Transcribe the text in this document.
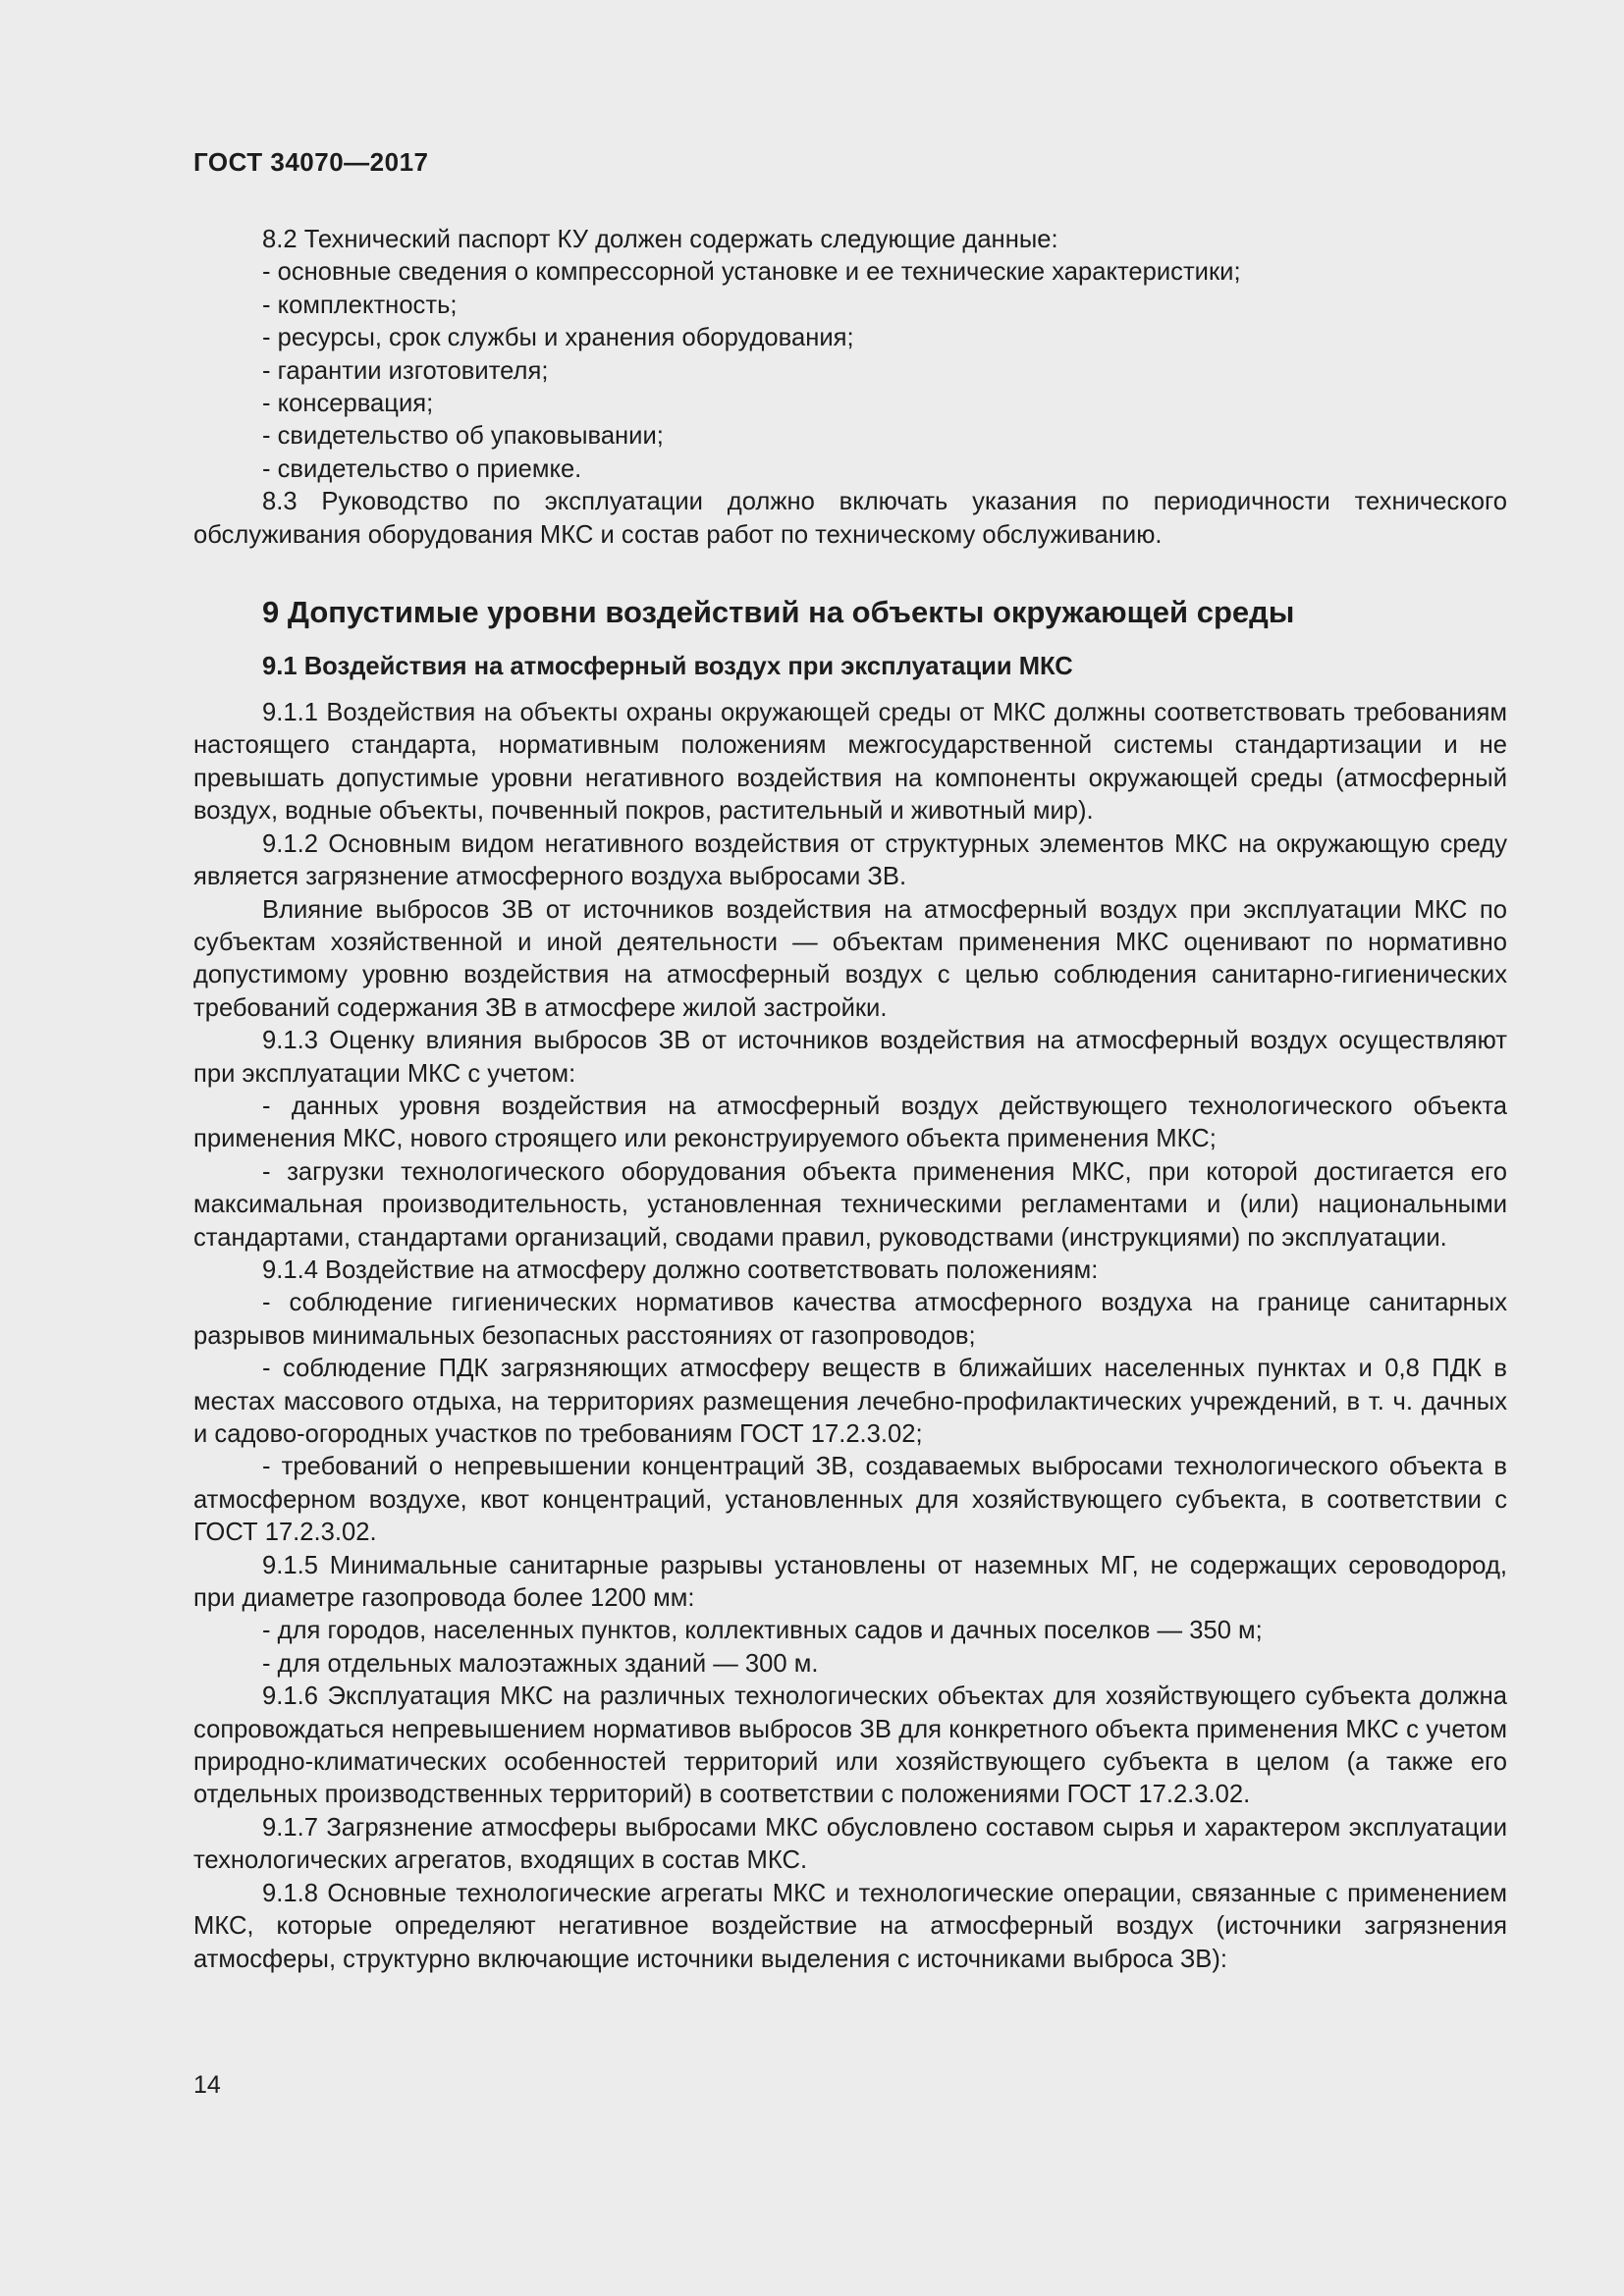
ГОСТ 34070—2017

8.2 Технический паспорт КУ должен содержать следующие данные:

- основные сведения о компрессорной установке и ее технические характеристики;

- комплектность;

- ресурсы, срок службы и хранения оборудования;

- гарантии изготовителя;

- консервация;

- свидетельство об упаковывании;

- свидетельство о приемке.

8.3 Руководство по эксплуатации должно включать указания по периодичности технического обслуживания оборудования МКС и состав работ по техническому обслуживанию.

9 Допустимые уровни воздействий на объекты окружающей среды
9.1 Воздействия на атмосферный воздух при эксплуатации МКС

9.1.1 Воздействия на объекты охраны окружающей среды от МКС должны соответствовать требованиям настоящего стандарта, нормативным положениям межгосударственной системы стандартизации и не превышать допустимые уровни негативного воздействия на компоненты окружающей среды (атмосферный воздух, водные объекты, почвенный покров, растительный и животный мир).

9.1.2 Основным видом негативного воздействия от структурных элементов МКС на окружающую среду является загрязнение атмосферного воздуха выбросами ЗВ.

Влияние выбросов ЗВ от источников воздействия на атмосферный воздух при эксплуатации МКС по субъектам хозяйственной и иной деятельности — объектам применения МКС оценивают по нормативно допустимому уровню воздействия на атмосферный воздух с целью соблюдения санитарно-гигиенических требований содержания ЗВ в атмосфере жилой застройки.

9.1.3 Оценку влияния выбросов ЗВ от источников воздействия на атмосферный воздух осуществляют при эксплуатации МКС с учетом:

- данных уровня воздействия на атмосферный воздух действующего технологического объекта применения МКС, нового строящего или реконструируемого объекта применения МКС;

- загрузки технологического оборудования объекта применения МКС, при которой достигается его максимальная производительность, установленная техническими регламентами и (или) национальными стандартами, стандартами организаций, сводами правил, руководствами (инструкциями) по эксплуатации.

9.1.4 Воздействие на атмосферу должно соответствовать положениям:

- соблюдение гигиенических нормативов качества атмосферного воздуха на границе санитарных разрывов минимальных безопасных расстояниях от газопроводов;

- соблюдение ПДК загрязняющих атмосферу веществ в ближайших населенных пунктах и 0,8 ПДК в местах массового отдыха, на территориях размещения лечебно-профилактических учреждений, в т. ч. дачных и садово-огородных участков по требованиям ГОСТ 17.2.3.02;

- требований о непревышении концентраций ЗВ, создаваемых выбросами технологического объекта в атмосферном воздухе, квот концентраций, установленных для хозяйствующего субъекта, в соответствии с ГОСТ 17.2.3.02.

9.1.5 Минимальные санитарные разрывы установлены от наземных МГ, не содержащих сероводород, при диаметре газопровода более 1200 мм:

- для городов, населенных пунктов, коллективных садов и дачных поселков — 350 м;

- для отдельных малоэтажных зданий — 300 м.

9.1.6 Эксплуатация МКС на различных технологических объектах для хозяйствующего субъекта должна сопровождаться непревышением нормативов выбросов ЗВ для конкретного объекта применения МКС с учетом природно-климатических особенностей территорий или хозяйствующего субъекта в целом (а также его отдельных производственных территорий) в соответствии с положениями ГОСТ 17.2.3.02.

9.1.7 Загрязнение атмосферы выбросами МКС обусловлено составом сырья и характером эксплуатации технологических агрегатов, входящих в состав МКС.

9.1.8 Основные технологические агрегаты МКС и технологические операции, связанные с применением МКС, которые определяют негативное воздействие на атмосферный воздух (источники загрязнения атмосферы, структурно включающие источники выделения с источниками выброса ЗВ):

14
